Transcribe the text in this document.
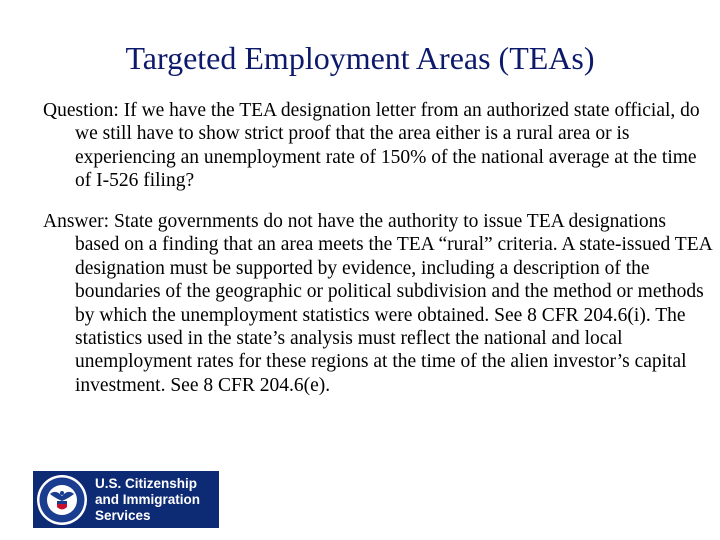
Targeted Employment Areas (TEAs)

Question: If we have the TEA designation letter from an authorized state official, do we still have to show strict proof that the area either is a rural area or is experiencing an unemployment rate of 150% of the national average at the time of I-526 filing?

Answer: State governments do not have the authority to issue TEA designations based on a finding that an area meets the TEA “rural” criteria. A state-issued TEA designation must be supported by evidence, including a description of the boundaries of the geographic or political subdivision and the method or methods by which the unemployment statistics were obtained. See 8 CFR 204.6(i). The statistics used in the state’s analysis must reflect the national and local unemployment rates for these regions at the time of the alien investor’s capital investment. See 8 CFR 204.6(e).

U.S. Citizenship
and Immigration
Services
